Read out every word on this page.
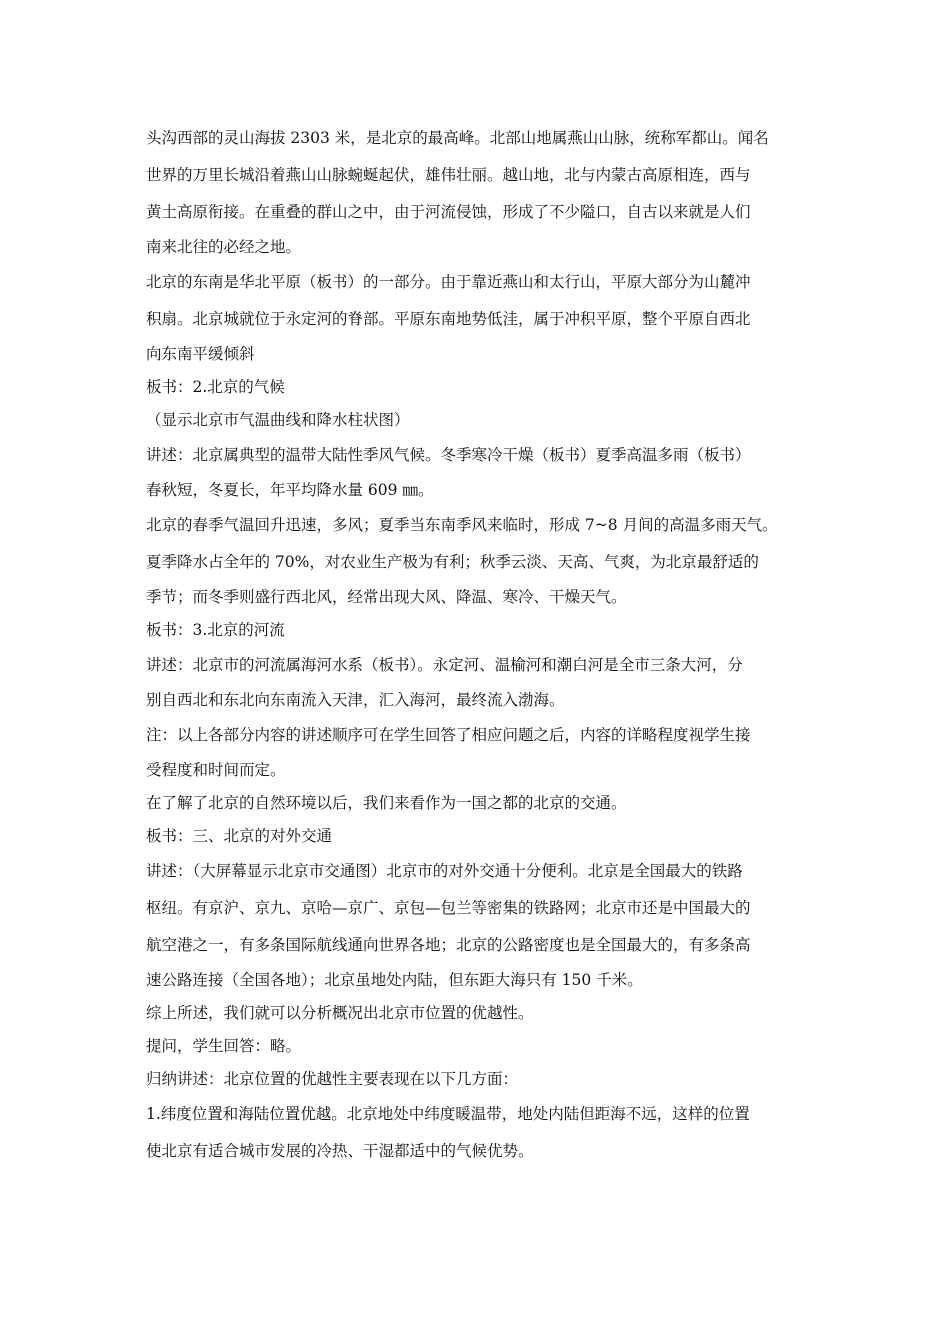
头沟西部的灵山海拔 2303 米，是北京的最高峰。北部山地属燕山山脉，统称军都山。闻名
世界的万里长城沿着燕山山脉蜿蜒起伏，雄伟壮丽。越山地，北与内蒙古高原相连，西与
黄土高原衔接。在重叠的群山之中，由于河流侵蚀，形成了不少隘口，自古以来就是人们
南来北往的必经之地。
北京的东南是华北平原（板书）的一部分。由于靠近燕山和太行山，平原大部分为山麓冲
积扇。北京城就位于永定河的脊部。平原东南地势低洼，属于冲积平原，整个平原自西北
向东南平缓倾斜
板书：2.北京的气候
（显示北京市气温曲线和降水柱状图）
讲述：北京属典型的温带大陆性季风气候。冬季寒冷干燥（板书）夏季高温多雨（板书）
春秋短，冬夏长，年平均降水量 609 ㎜。
北京的春季气温回升迅速，多风；夏季当东南季风来临时，形成 7~8 月间的高温多雨天气。
夏季降水占全年的 70%，对农业生产极为有利；秋季云淡、天高、气爽，为北京最舒适的
季节；而冬季则盛行西北风，经常出现大风、降温、寒冷、干燥天气。
板书：3.北京的河流
讲述：北京市的河流属海河水系（板书）。永定河、温榆河和潮白河是全市三条大河，分
别自西北和东北向东南流入天津，汇入海河，最终流入渤海。
注：以上各部分内容的讲述顺序可在学生回答了相应问题之后，内容的详略程度视学生接
受程度和时间而定。
在了解了北京的自然环境以后，我们来看作为一国之都的北京的交通。
板书：三、北京的对外交通
讲述：（大屏幕显示北京市交通图）北京市的对外交通十分便利。北京是全国最大的铁路
枢纽。有京沪、京九、京哈—京广、京包—包兰等密集的铁路网；北京市还是中国最大的
航空港之一，有多条国际航线通向世界各地；北京的公路密度也是全国最大的，有多条高
速公路连接（全国各地）；北京虽地处内陆，但东距大海只有 150 千米。
综上所述，我们就可以分析概况出北京市位置的优越性。
提问，学生回答：略。
归纳讲述：北京位置的优越性主要表现在以下几方面：
1.纬度位置和海陆位置优越。北京地处中纬度暖温带，地处内陆但距海不远，这样的位置
使北京有适合城市发展的冷热、干湿都适中的气候优势。
